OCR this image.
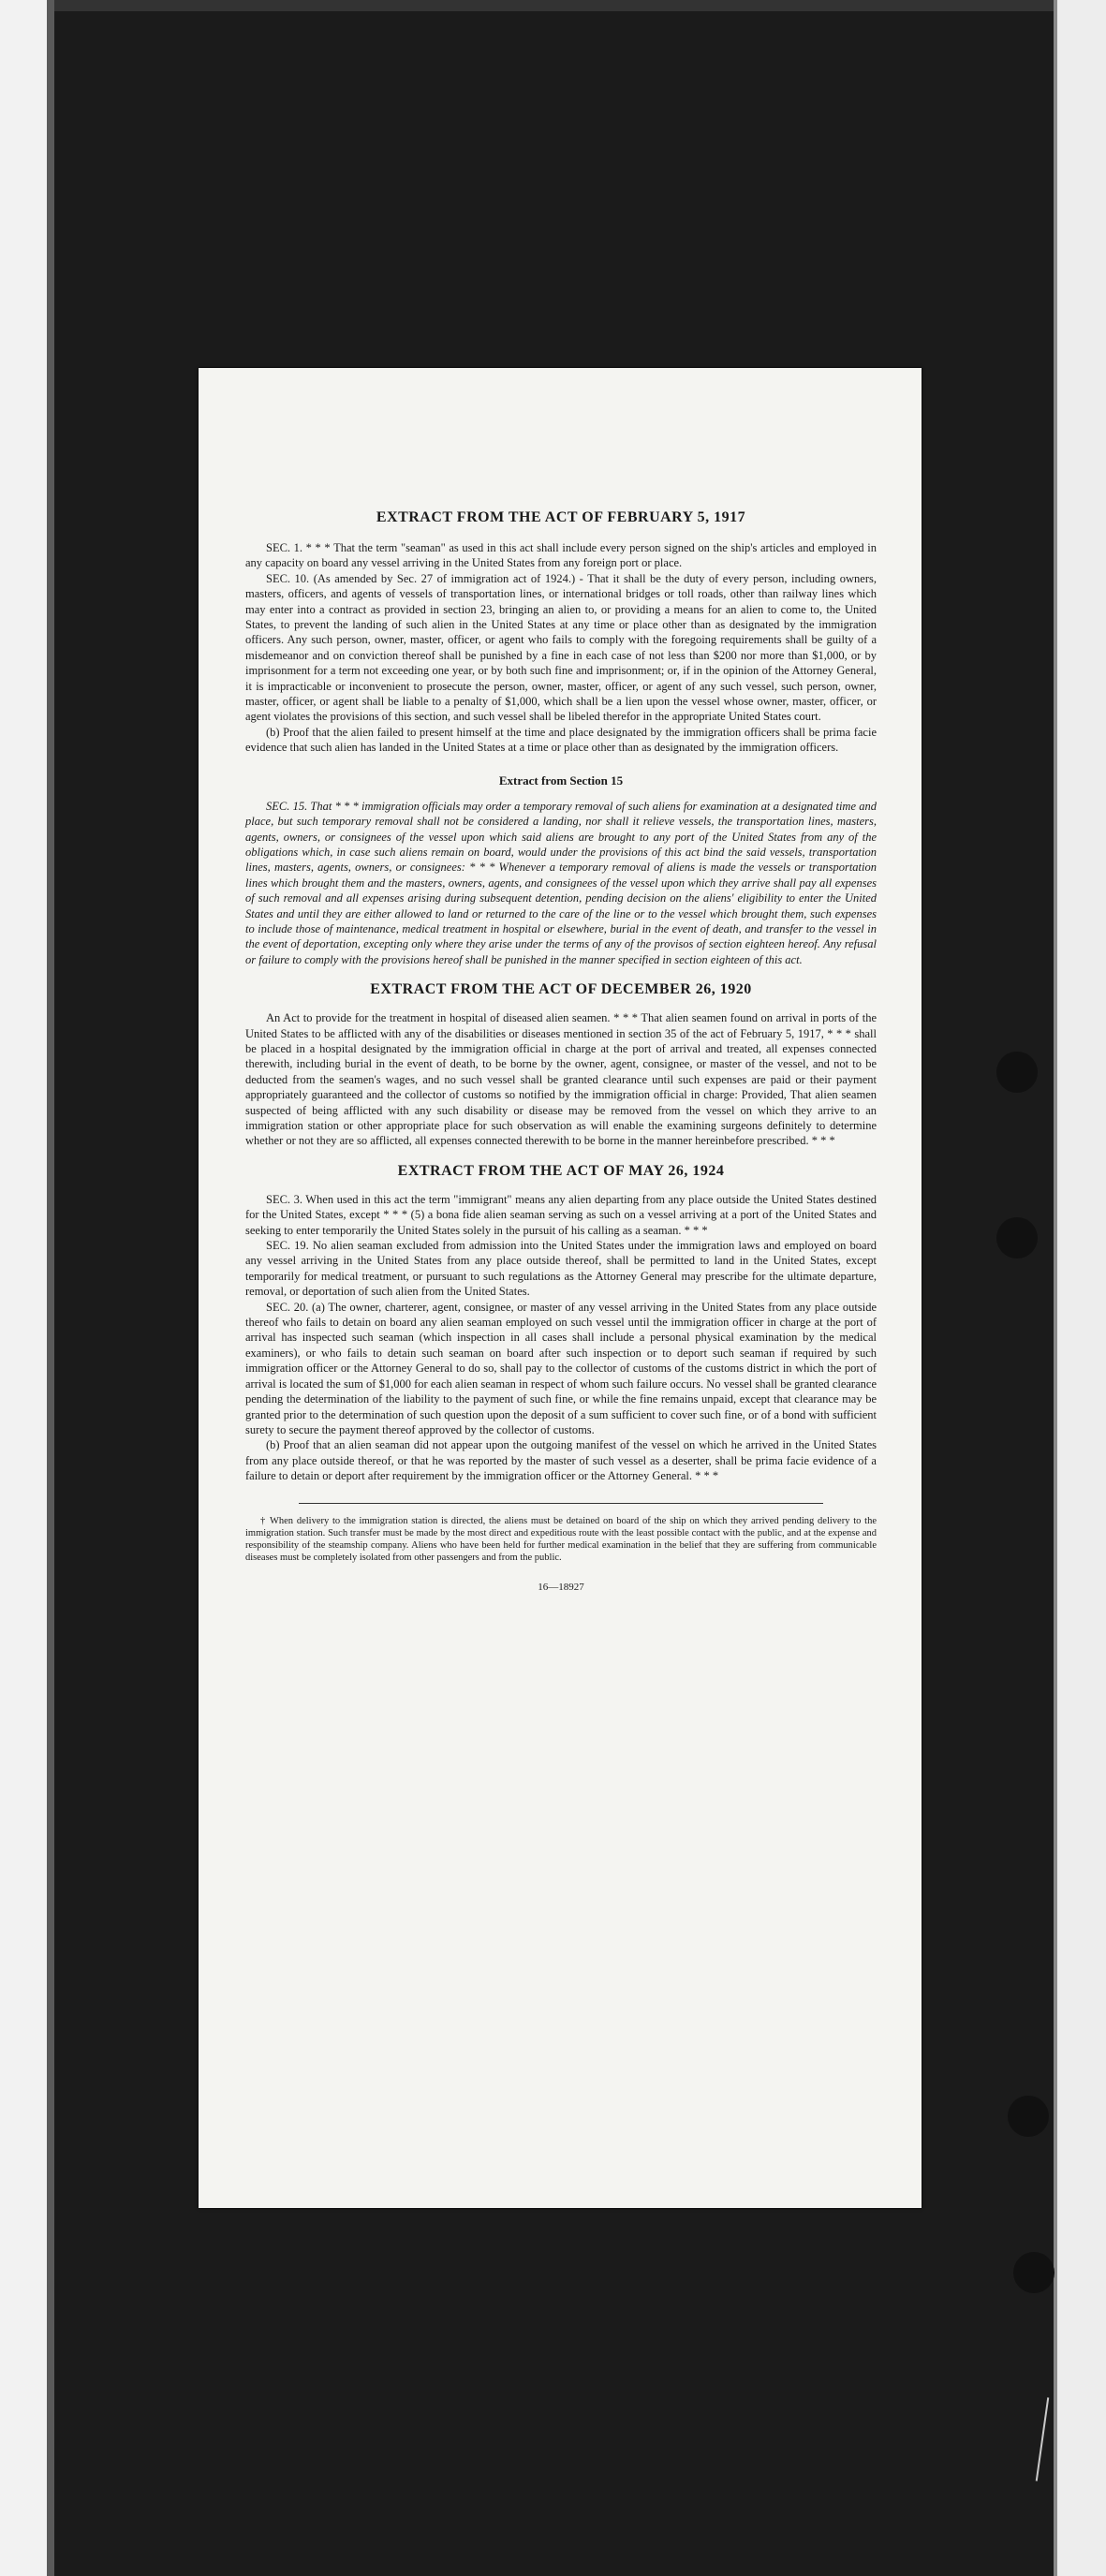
EXTRACT FROM THE ACT OF FEBRUARY 5, 1917

SEC. 1. * * * That the term "seaman" as used in this act shall include every person signed on the ship's articles and employed in any capacity on board any vessel arriving in the United States from any foreign port or place.

SEC. 10. (As amended by Sec. 27 of immigration act of 1924.) - That it shall be the duty of every person, including owners, masters, officers, and agents of vessels of transportation lines, or international bridges or toll roads, other than railway lines which may enter into a contract as provided in section 23, bringing an alien to, or providing a means for an alien to come to, the United States, to prevent the landing of such alien in the United States at any time or place other than as designated by the immigration officers. Any such person, owner, master, officer, or agent who fails to comply with the foregoing requirements shall be guilty of a misdemeanor and on conviction thereof shall be punished by a fine in each case of not less than $200 nor more than $1,000, or by imprisonment for a term not exceeding one year, or by both such fine and imprisonment; or, if in the opinion of the Attorney General, it is impracticable or inconvenient to prosecute the person, owner, master, officer, or agent of any such vessel, such person, owner, master, officer, or agent shall be liable to a penalty of $1,000, which shall be a lien upon the vessel whose owner, master, officer, or agent violates the provisions of this section, and such vessel shall be libeled therefor in the appropriate United States court.

(b) Proof that the alien failed to present himself at the time and place designated by the immigration officers shall be prima facie evidence that such alien has landed in the United States at a time or place other than as designated by the immigration officers.

Extract from Section 15

SEC. 15. That * * * immigration officials may order a temporary removal of such aliens for examination at a designated time and place, but such temporary removal shall not be considered a landing, nor shall it relieve vessels, the transportation lines, masters, agents, owners, or consignees of the vessel upon which said aliens are brought to any port of the United States from any of the obligations which, in case such aliens remain on board, would under the provisions of this act bind the said vessels, transportation lines, masters, agents, owners, or consignees: * * * Whenever a temporary removal of aliens is made the vessels or transportation lines which brought them and the masters, owners, agents, and consignees of the vessel upon which they arrive shall pay all expenses of such removal and all expenses arising during subsequent detention, pending decision on the aliens' eligibility to enter the United States and until they are either allowed to land or returned to the care of the line or to the vessel which brought them, such expenses to include those of maintenance, medical treatment in hospital or elsewhere, burial in the event of death, and transfer to the vessel in the event of deportation, excepting only where they arise under the terms of any of the provisos of section eighteen hereof. Any refusal or failure to comply with the provisions hereof shall be punished in the manner specified in section eighteen of this act.

EXTRACT FROM THE ACT OF DECEMBER 26, 1920

An Act to provide for the treatment in hospital of diseased alien seamen. * * * That alien seamen found on arrival in ports of the United States to be afflicted with any of the disabilities or diseases mentioned in section 35 of the act of February 5, 1917, * * * shall be placed in a hospital designated by the immigration official in charge at the port of arrival and treated, all expenses connected therewith, including burial in the event of death, to be borne by the owner, agent, consignee, or master of the vessel, and not to be deducted from the seamen's wages, and no such vessel shall be granted clearance until such expenses are paid or their payment appropriately guaranteed and the collector of customs so notified by the immigration official in charge: Provided, That alien seamen suspected of being afflicted with any such disability or disease may be removed from the vessel on which they arrive to an immigration station or other appropriate place for such observation as will enable the examining surgeons definitely to determine whether or not they are so afflicted, all expenses connected therewith to be borne in the manner hereinbefore prescribed. * * *

EXTRACT FROM THE ACT OF MAY 26, 1924

SEC. 3. When used in this act the term "immigrant" means any alien departing from any place outside the United States destined for the United States, except * * * (5) a bona fide alien seaman serving as such on a vessel arriving at a port of the United States and seeking to enter temporarily the United States solely in the pursuit of his calling as a seaman. * * *

SEC. 19. No alien seaman excluded from admission into the United States under the immigration laws and employed on board any vessel arriving in the United States from any place outside thereof, shall be permitted to land in the United States, except temporarily for medical treatment, or pursuant to such regulations as the Attorney General may prescribe for the ultimate departure, removal, or deportation of such alien from the United States.

SEC. 20. (a) The owner, charterer, agent, consignee, or master of any vessel arriving in the United States from any place outside thereof who fails to detain on board any alien seaman employed on such vessel until the immigration officer in charge at the port of arrival has inspected such seaman (which inspection in all cases shall include a personal physical examination by the medical examiners), or who fails to detain such seaman on board after such inspection or to deport such seaman if required by such immigration officer or the Attorney General to do so, shall pay to the collector of customs of the customs district in which the port of arrival is located the sum of $1,000 for each alien seaman in respect of whom such failure occurs. No vessel shall be granted clearance pending the determination of the liability to the payment of such fine, or while the fine remains unpaid, except that clearance may be granted prior to the determination of such question upon the deposit of a sum sufficient to cover such fine, or of a bond with sufficient surety to secure the payment thereof approved by the collector of customs.

(b) Proof that an alien seaman did not appear upon the outgoing manifest of the vessel on which he arrived in the United States from any place outside thereof, or that he was reported by the master of such vessel as a deserter, shall be prima facie evidence of a failure to detain or deport after requirement by the immigration officer or the Attorney General. * * *

† When delivery to the immigration station is directed, the aliens must be detained on board of the ship on which they arrived pending delivery to the immigration station. Such transfer must be made by the most direct and expeditious route with the least possible contact with the public, and at the expense and responsibility of the steamship company. Aliens who have been held for further medical examination in the belief that they are suffering from communicable diseases must be completely isolated from other passengers and from the public.

16—18927
